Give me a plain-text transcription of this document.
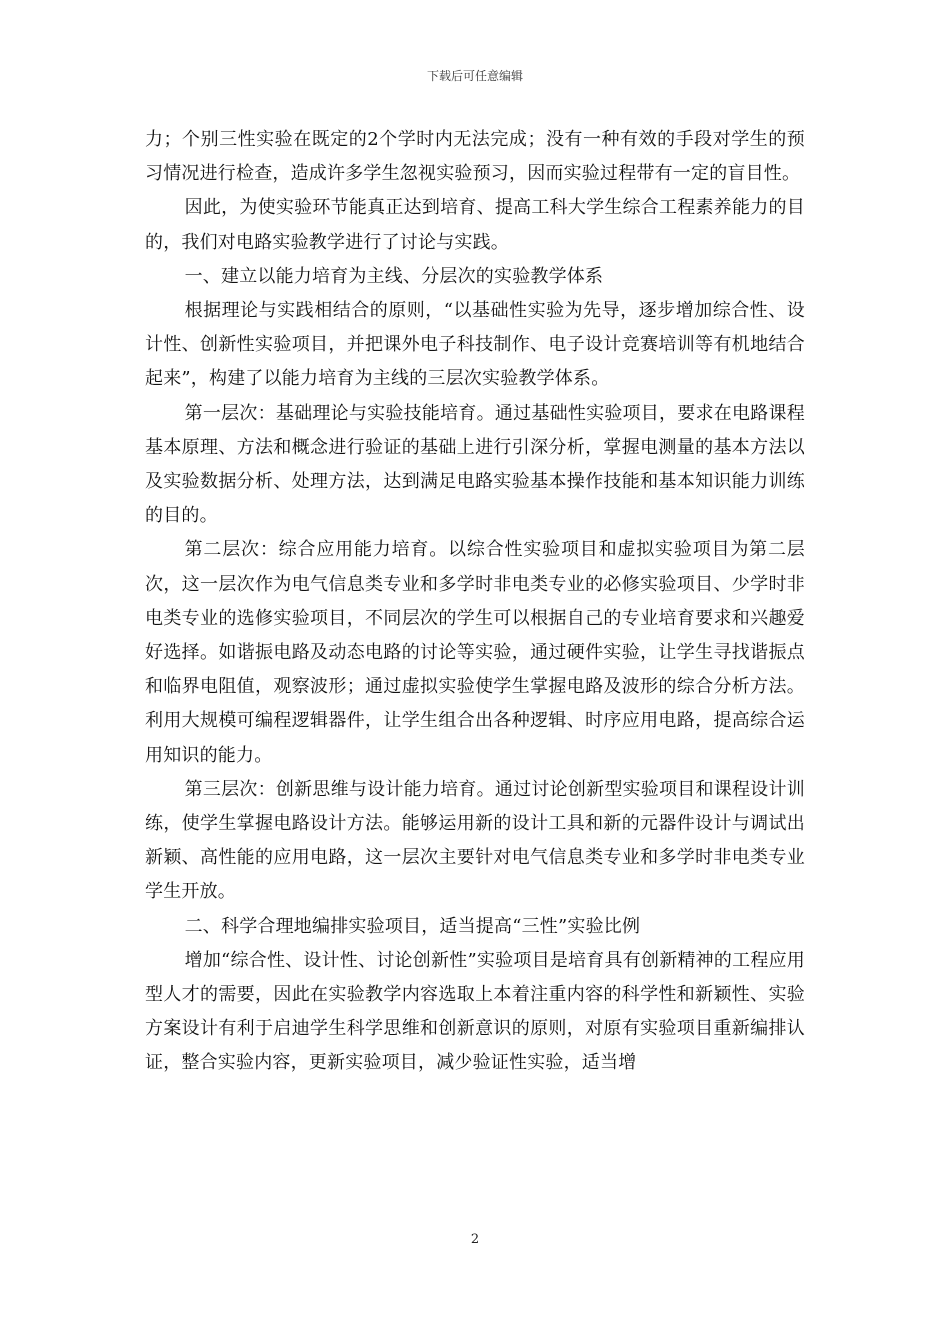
下载后可任意编辑

力；个别三性实验在既定的2个学时内无法完成；没有一种有效的手段对学生的预习情况进行检查，造成许多学生忽视实验预习，因而实验过程带有一定的盲目性。

因此，为使实验环节能真正达到培育、提高工科大学生综合工程素养能力的目的，我们对电路实验教学进行了讨论与实践。

一、建立以能力培育为主线、分层次的实验教学体系

根据理论与实践相结合的原则，“以基础性实验为先导，逐步增加综合性、设计性、创新性实验项目，并把课外电子科技制作、电子设计竞赛培训等有机地结合起来”，构建了以能力培育为主线的三层次实验教学体系。

第一层次：基础理论与实验技能培育。通过基础性实验项目，要求在电路课程基本原理、方法和概念进行验证的基础上进行引深分析，掌握电测量的基本方法以及实验数据分析、处理方法，达到满足电路实验基本操作技能和基本知识能力训练的目的。

第二层次：综合应用能力培育。以综合性实验项目和虚拟实验项目为第二层次，这一层次作为电气信息类专业和多学时非电类专业的必修实验项目、少学时非电类专业的选修实验项目，不同层次的学生可以根据自己的专业培育要求和兴趣爱好选择。如谐振电路及动态电路的讨论等实验，通过硬件实验，让学生寻找谐振点和临界电阻值，观察波形；通过虚拟实验使学生掌握电路及波形的综合分析方法。利用大规模可编程逻辑器件，让学生组合出各种逻辑、时序应用电路，提高综合运用知识的能力。

第三层次：创新思维与设计能力培育。通过讨论创新型实验项目和课程设计训练，使学生掌握电路设计方法。能够运用新的设计工具和新的元器件设计与调试出新颖、高性能的应用电路，这一层次主要针对电气信息类专业和多学时非电类专业学生开放。

二、科学合理地编排实验项目，适当提高“三性”实验比例

增加“综合性、设计性、讨论创新性”实验项目是培育具有创新精神的工程应用型人才的需要，因此在实验教学内容选取上本着注重内容的科学性和新颖性、实验方案设计有利于启迪学生科学思维和创新意识的原则，对原有实验项目重新编排认证，整合实验内容，更新实验项目，减少验证性实验，适当增

2
